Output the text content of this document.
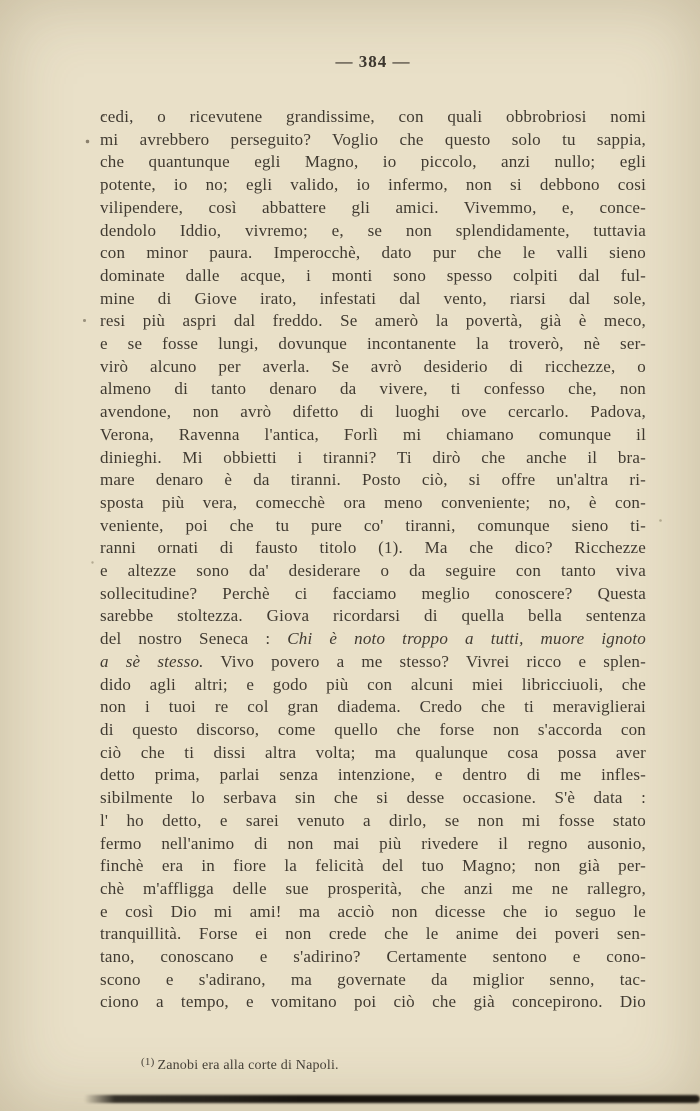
— 384 —
cedi, o ricevutene grandissime, con quali obbrobriosi nomi
mi avrebbero perseguito? Voglio che questo solo tu sappia,
che quantunque egli Magno, io piccolo, anzi nullo; egli
potente, io no; egli valido, io infermo, non si debbono cosi
vilipendere, così abbattere gli amici. Vivemmo, e, conce-
dendolo Iddio, vivremo; e, se non splendidamente, tuttavia
con minor paura. Imperocchè, dato pur che le valli sieno
dominate dalle acque, i monti sono spesso colpiti dal ful-
mine di Giove irato, infestati dal vento, riarsi dal sole,
resi più aspri dal freddo. Se amerò la povertà, già è meco,
e se fosse lungi, dovunque incontanente la troverò, nè ser-
virò alcuno per averla. Se avrò desiderio di ricchezze, o
almeno di tanto denaro da vivere, ti confesso che, non
avendone, non avrò difetto di luoghi ove cercarlo. Padova,
Verona, Ravenna l'antica, Forlì mi chiamano comunque il
dinieghi. Mi obbietti i tiranni? Ti dirò che anche il bra-
mare denaro è da tiranni. Posto ciò, si offre un'altra ri-
sposta più vera, comecchè ora meno conveniente; no, è con-
veniente, poi che tu pure co' tiranni, comunque sieno ti-
ranni ornati di fausto titolo (1). Ma che dico? Ricchezze
e altezze sono da' desiderare o da seguire con tanto viva
sollecitudine? Perchè ci facciamo meglio conoscere? Questa
sarebbe stoltezza. Giova ricordarsi di quella bella sentenza
del nostro Seneca : Chi è noto troppo a tutti, muore ignoto
a sè stesso. Vivo povero a me stesso? Vivrei ricco e splen-
dido agli altri; e godo più con alcuni miei libricciuoli, che
non i tuoi re col gran diadema. Credo che ti meraviglierai
di questo discorso, come quello che forse non s'accorda con
ciò che ti dissi altra volta; ma qualunque cosa possa aver
detto prima, parlai senza intenzione, e dentro di me infles-
sibilmente lo serbava sin che si desse occasione. S'è data :
l' ho detto, e sarei venuto a dirlo, se non mi fosse stato
fermo nell'animo di non mai più rivedere il regno ausonio,
finchè era in fiore la felicità del tuo Magno; non già per-
chè m'affligga delle sue prosperità, che anzi me ne rallegro,
e così Dio mi ami! ma acciò non dicesse che io seguo le
tranquillità. Forse ei non crede che le anime dei poveri sen-
tano, conoscano e s'adirino? Certamente sentono e cono-
scono e s'adirano, ma governate da miglior senno, tac-
ciono a tempo, e vomitano poi ciò che già concepirono. Dio
$^{(1)}$ Zanobi era alla corte di Napoli.
